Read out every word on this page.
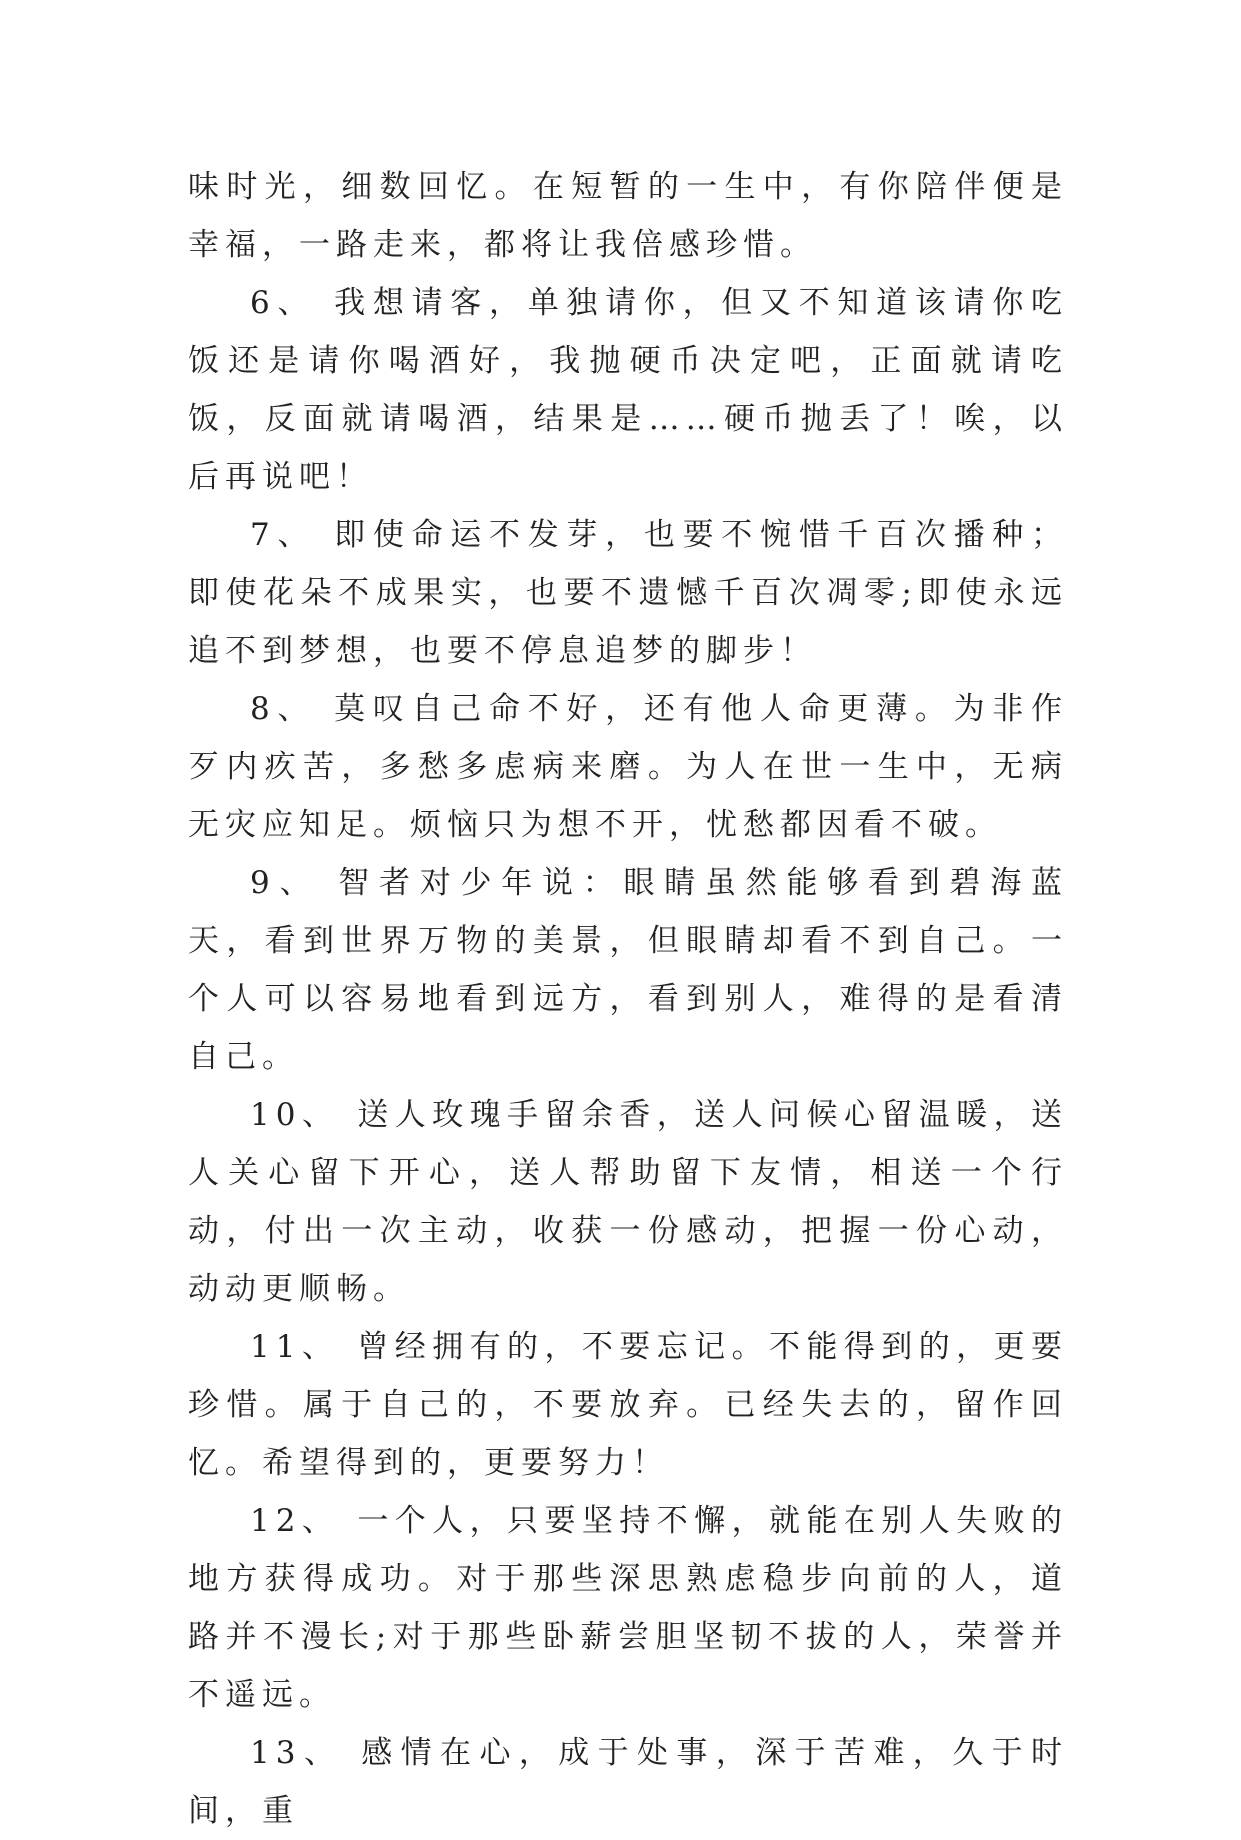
味时光，细数回忆。在短暂的一生中，有你陪伴便是幸福，一路走来，都将让我倍感珍惜。

6、 我想请客，单独请你，但又不知道该请你吃饭还是请你喝酒好，我抛硬币决定吧，正面就请吃饭，反面就请喝酒，结果是……硬币抛丢了！唉，以后再说吧！

7、 即使命运不发芽，也要不惋惜千百次播种；即使花朵不成果实，也要不遗憾千百次凋零;即使永远追不到梦想，也要不停息追梦的脚步！

8、 莫叹自己命不好，还有他人命更薄。为非作歹内疚苦，多愁多虑病来磨。为人在世一生中，无病无灾应知足。烦恼只为想不开，忧愁都因看不破。

9、 智者对少年说：眼睛虽然能够看到碧海蓝天，看到世界万物的美景，但眼睛却看不到自己。一个人可以容易地看到远方，看到别人，难得的是看清自己。

10、 送人玫瑰手留余香，送人问候心留温暖，送人关心留下开心，送人帮助留下友情，相送一个行动，付出一次主动，收获一份感动，把握一份心动，动动更顺畅。

11、 曾经拥有的，不要忘记。不能得到的，更要珍惜。属于自己的，不要放弃。已经失去的，留作回忆。希望得到的，更要努力！

12、 一个人，只要坚持不懈，就能在别人失败的地方获得成功。对于那些深思熟虑稳步向前的人，道路并不漫长;对于那些卧薪尝胆坚韧不拔的人，荣誉并不遥远。

13、 感情在心，成于处事，深于苦难，久于时间，重
